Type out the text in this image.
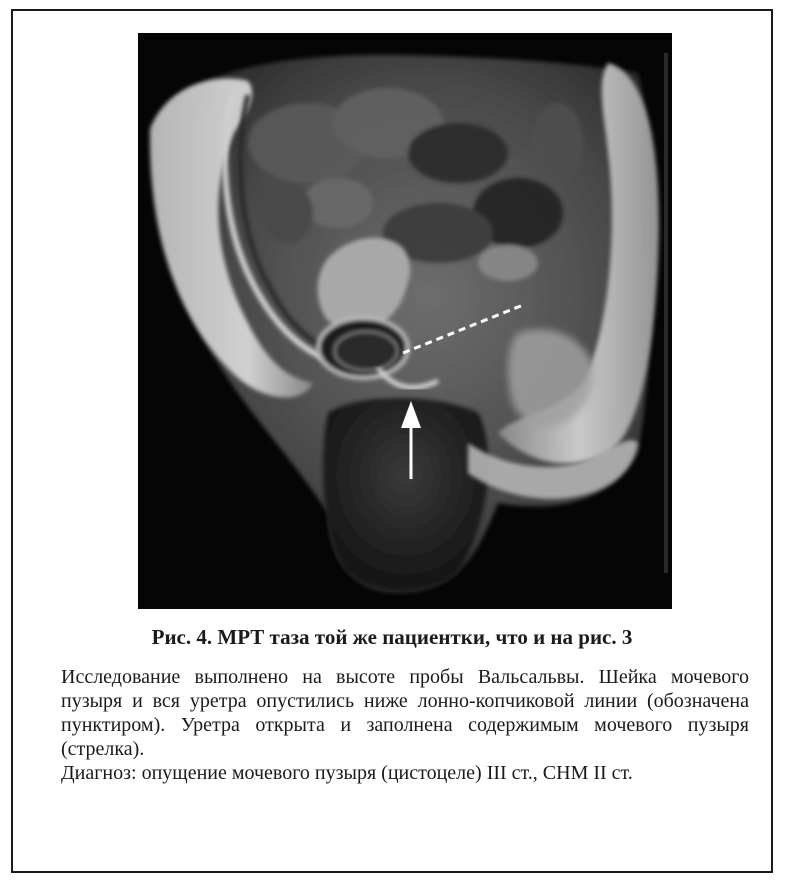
Рис. 4. МРТ таза той же пациентки, что и на рис. 3

Исследование выполнено на высоте пробы Вальсальвы. Шейка мочевого пузыря и вся уретра опустились ниже лонно-копчиковой линии (обозначена пунктиром). Уретра открыта и заполнена содержимым мочевого пузыря (стрелка).

Диагноз: опущение мочевого пузыря (цистоцеле) III ст., СНМ II ст.
